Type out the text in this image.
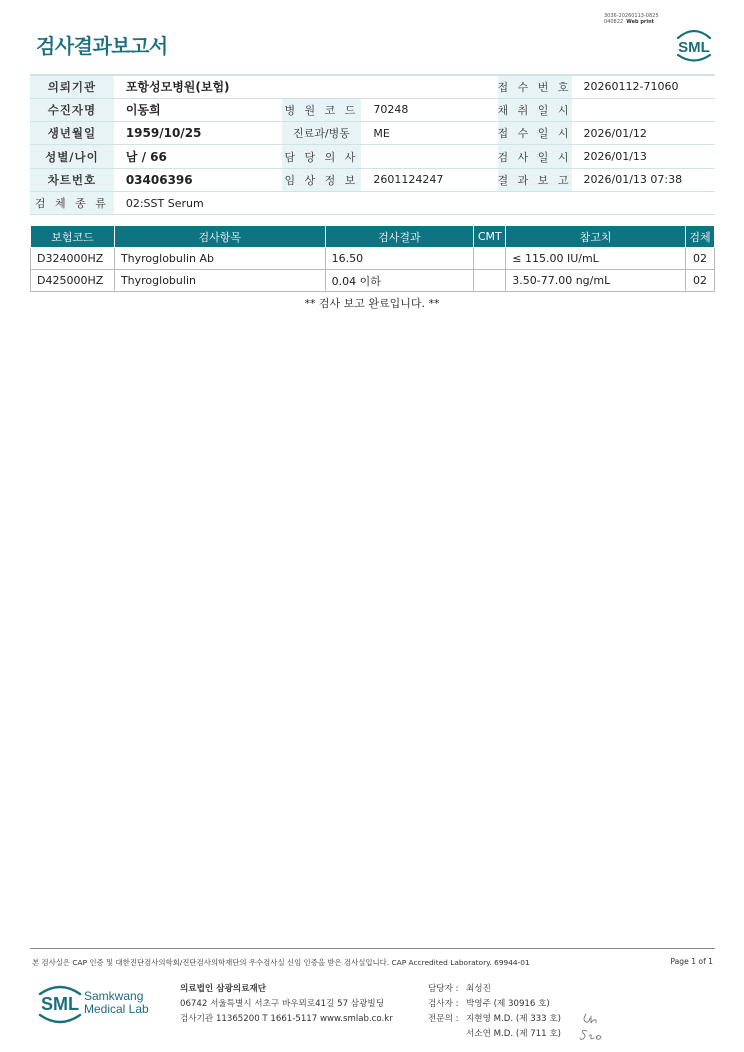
3036-20260113-0825
040822 Web print
검사결과보고서	SML
의뢰기관	포항성모병원(보험)			접 수 번 호	20260112-71060
수진자명	이동희	병 원 코 드	70248	채 취 일 시	
생년월일	1959/10/25	진료과/병동	ME	접 수 일 시	2026/01/12
성별/나이	남 / 66	담 당 의 사		검 사 일 시	2026/01/13
차트번호	03406396	임 상 정 보	2601124247	결 과 보 고	2026/01/13 07:38
검 체 종 류	02:SST Serum				
보험코드	검사항목	검사결과	CMT	참고치	검체
D324000HZ	Thyroglobulin Ab	16.50		≤ 115.00 IU/mL	02
D425000HZ	Thyroglobulin	0.04 이하		3.50-77.00 ng/mL	02
** 검사 보고 완료입니다. **
본 검사실은 CAP 인증 및 대한진단검사의학회/진단검사의학재단의 우수검사실 신임 인증을 받은 검사실입니다. CAP Accredited Laboratory. 69944-01	Page 1 of 1
SML Samkwang
Medical Lab
의료법인 삼광의료재단
06742 서울특별시 서초구 바우뫼로41길 57 삼광빌딩
검사기관 11365200 T 1661-5117 www.smlab.co.kr
담당자 : 최성진
검사자 : 박영주 (제 30916 호)
전문의 : 지현영 M.D. (제 333 호)
서소연 M.D. (제 711 호)
